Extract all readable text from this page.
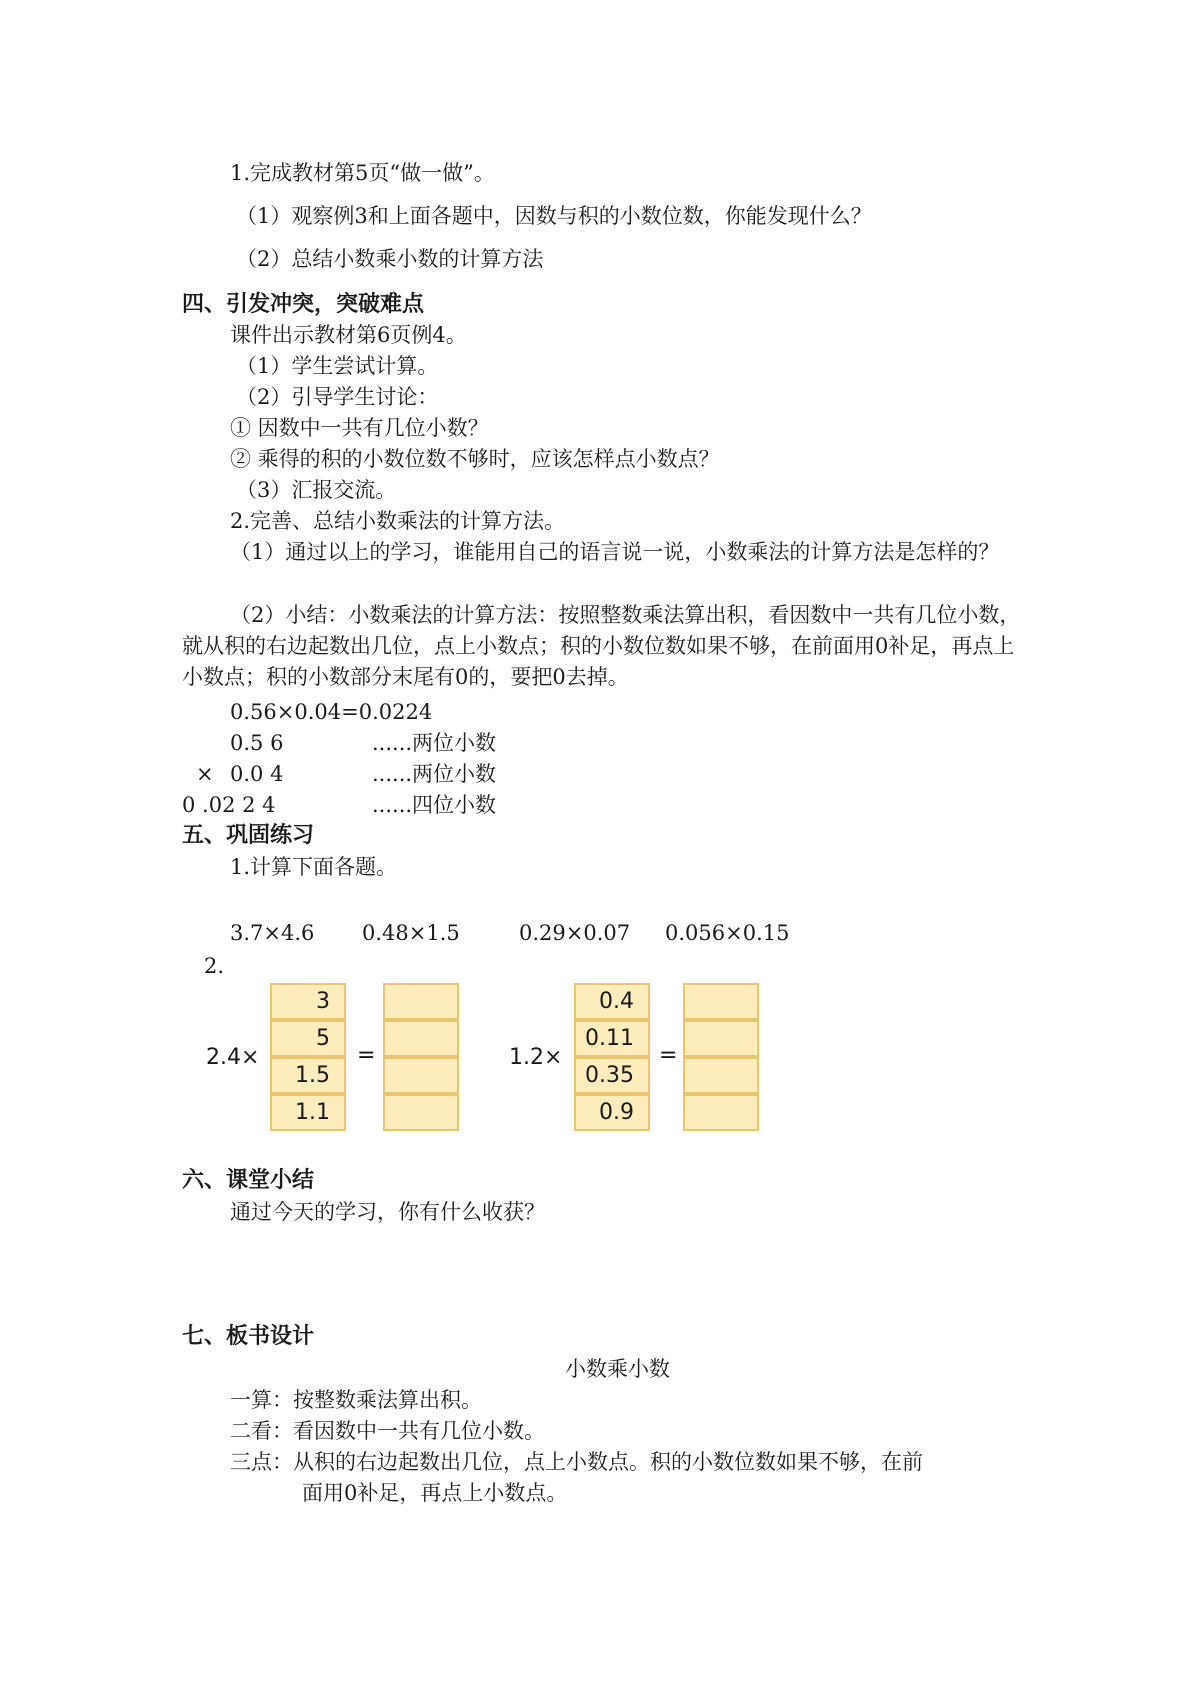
1.完成教材第5页“做一做”。
（1）观察例3和上面各题中，因数与积的小数位数，你能发现什么？
（2）总结小数乘小数的计算方法
四、引发冲突，突破难点
课件出示教材第6页例4。
（1）学生尝试计算。
（2）引导学生讨论：
① 因数中一共有几位小数？
② 乘得的积的小数位数不够时，应该怎样点小数点？
（3）汇报交流。
2.完善、总结小数乘法的计算方法。
（1）通过以上的学习，谁能用自己的语言说一说，小数乘法的计算方法是怎样的？
（2）小结：小数乘法的计算方法：按照整数乘法算出积，看因数中一共有几位小数，就从积的右边起数出几位，点上小数点；积的小数位数如果不够，在前面用0补足，再点上小数点；积的小数部分末尾有0的，要把0去掉。
0.56×0.04=0.0224
0.5 6	......两位小数
× 0.0 4	......两位小数
0 .02 2 4	......四位小数
五、巩固练习
1.计算下面各题。
3.7×4.6 0.48×1.5	0.29×0.07 0.056×0.15
2.
2.4×
3
5
1.5
1.1
=	1.2×
0.4
0.11
0.35
0.9
=
六、课堂小结
通过今天的学习，你有什么收获？
七、板书设计
小数乘小数
一算：按整数乘法算出积。
二看：看因数中一共有几位小数。
三点：从积的右边起数出几位，点上小数点。积的小数位数如果不够，在前
面用0补足，再点上小数点。
